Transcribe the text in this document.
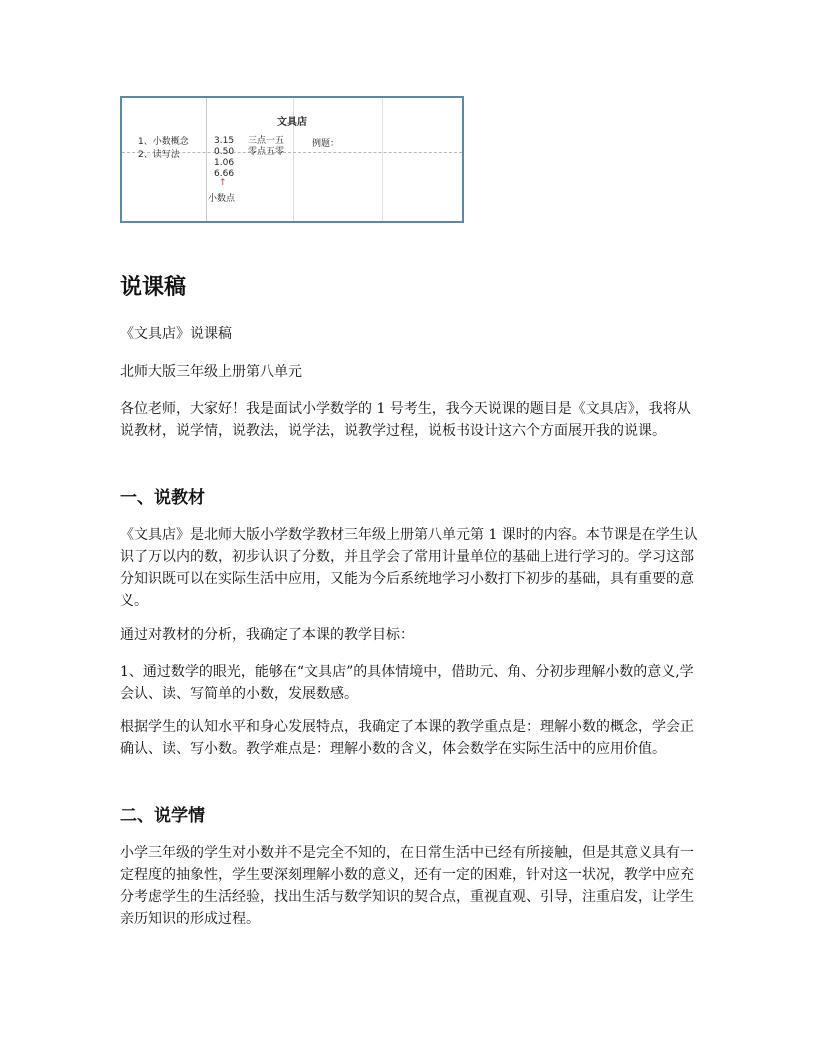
文具店
1、小数概念
2、读写法
3.15
0.50
1.06
6.66
三点一五
零点五零
例题：
↑
小数点
说课稿

《文具店》说课稿

北师大版三年级上册第八单元

各位老师，大家好！我是面试小学数学的 1 号考生，我今天说课的题目是《文具店》，我将从说教材，说学情，说教法，说学法，说教学过程，说板书设计这六个方面展开我的说课。

一、说教材

《文具店》是北师大版小学数学教材三年级上册第八单元第 1 课时的内容。本节课是在学生认识了万以内的数，初步认识了分数，并且学会了常用计量单位的基础上进行学习的。学习这部分知识既可以在实际生活中应用，又能为今后系统地学习小数打下初步的基础，具有重要的意义。

通过对教材的分析，我确定了本课的教学目标：

1、通过数学的眼光，能够在“文具店”的具体情境中，借助元、角、分初步理解小数的意义,学会认、读、写简单的小数，发展数感。

根据学生的认知水平和身心发展特点，我确定了本课的教学重点是：理解小数的概念，学会正确认、读、写小数。教学难点是：理解小数的含义，体会数学在实际生活中的应用价值。

二、说学情

小学三年级的学生对小数并不是完全不知的，在日常生活中已经有所接触，但是其意义具有一定程度的抽象性，学生要深刻理解小数的意义，还有一定的困难，针对这一状况，教学中应充分考虑学生的生活经验，找出生活与数学知识的契合点，重视直观、引导，注重启发，让学生亲历知识的形成过程。
